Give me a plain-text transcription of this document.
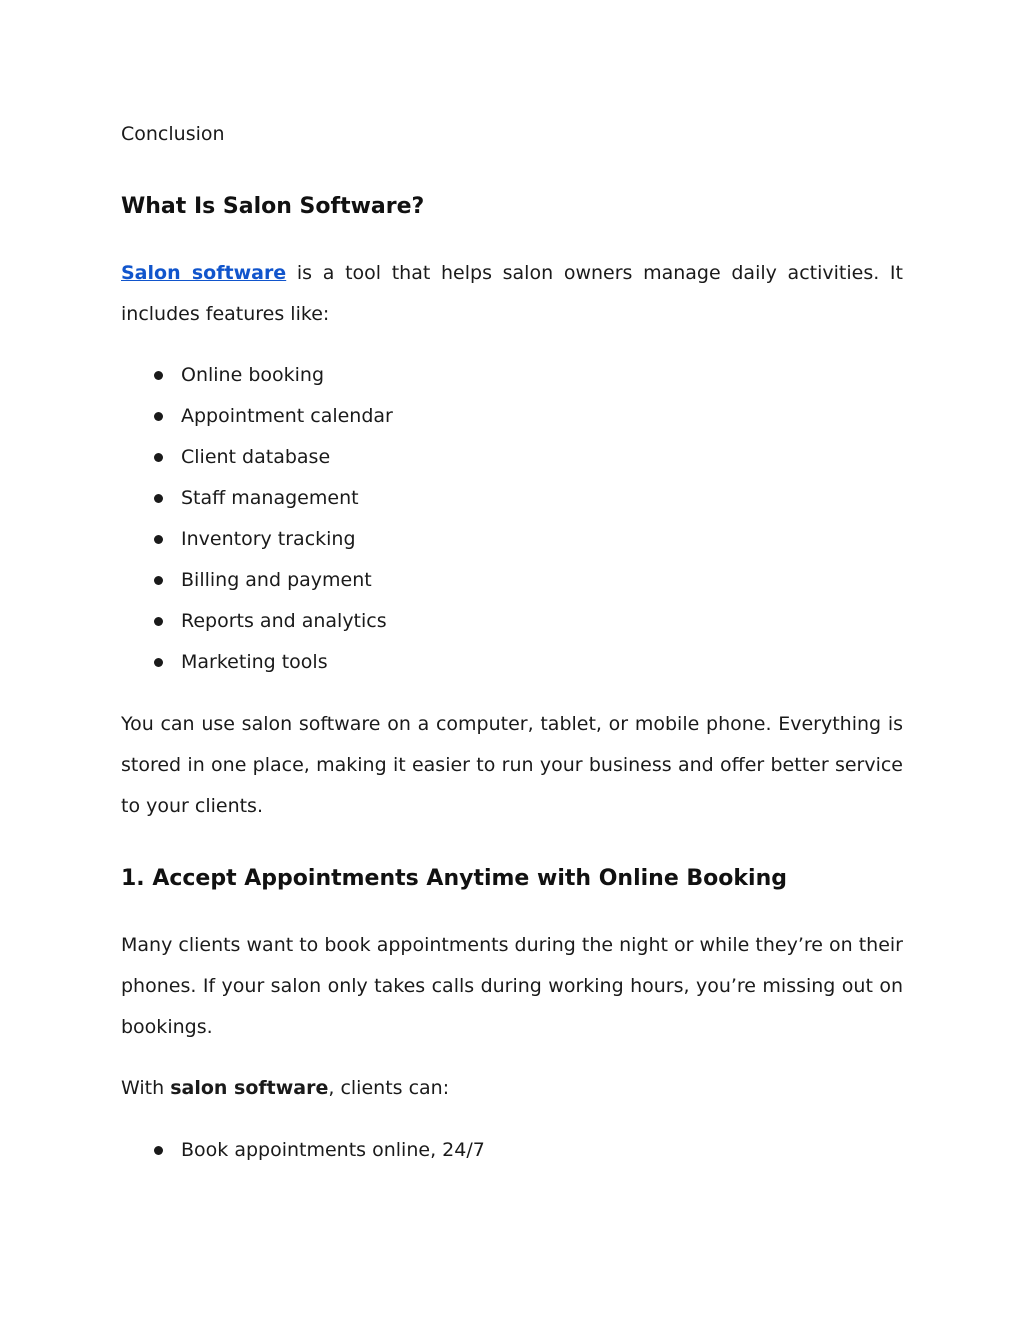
Conclusion

What Is Salon Software?

Salon software is a tool that helps salon owners manage daily activities. It includes features like:

Online booking
Appointment calendar
Client database
Staff management
Inventory tracking
Billing and payment
Reports and analytics
Marketing tools

You can use salon software on a computer, tablet, or mobile phone. Everything is stored in one place, making it easier to run your business and offer better service to your clients.

1. Accept Appointments Anytime with Online Booking

Many clients want to book appointments during the night or while they’re on their phones. If your salon only takes calls during working hours, you’re missing out on bookings.

With salon software, clients can:

Book appointments online, 24/7
